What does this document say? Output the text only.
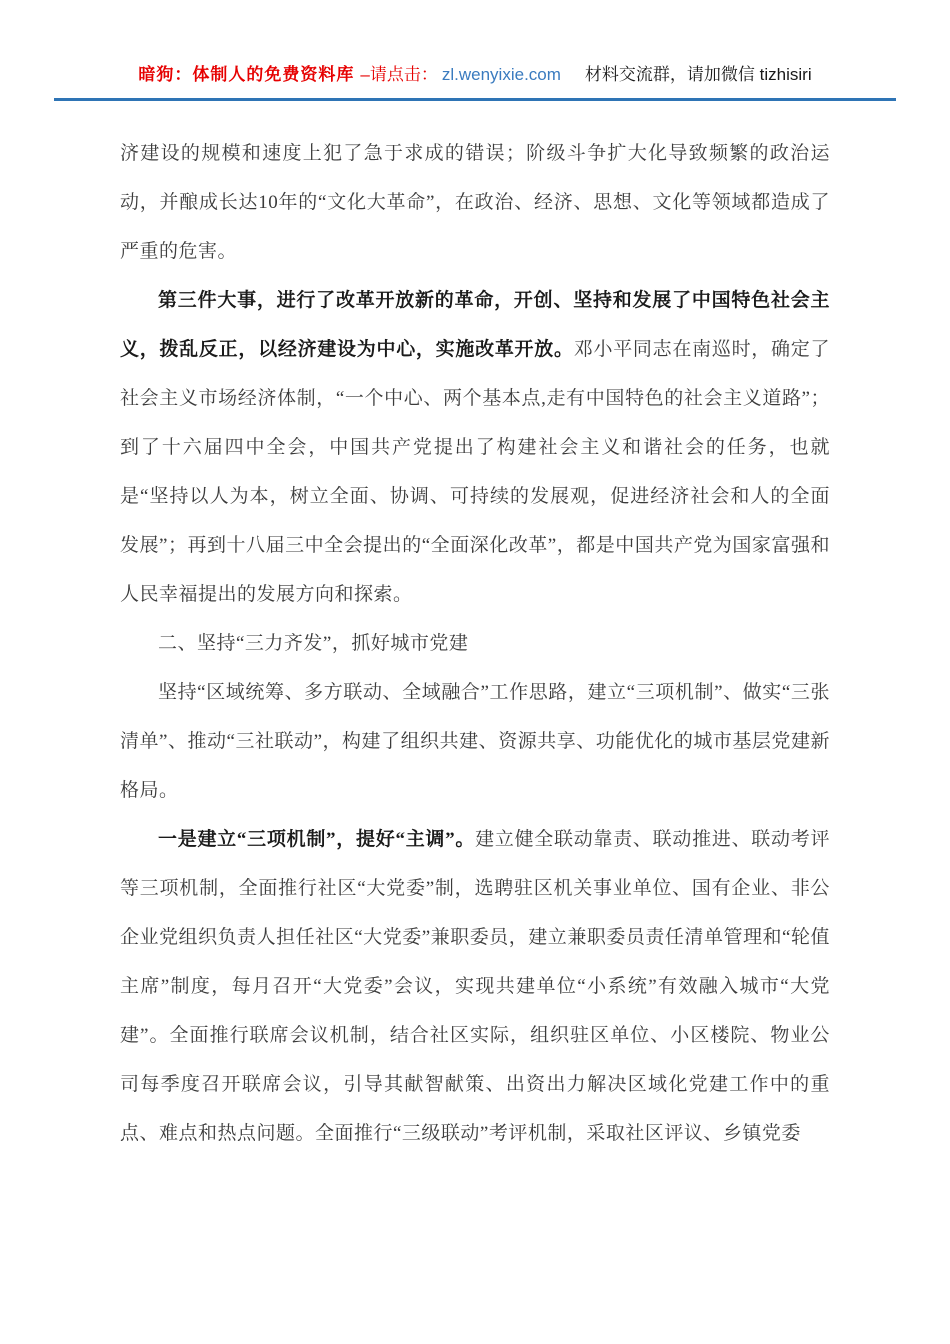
暗狗：体制人的免费资料库 –请点击： zl.wenyixie.com 材料交流群，请加微信 tizhisiri

济建设的规模和速度上犯了急于求成的错误；阶级斗争扩大化导致频繁的政治运动，并酿成长达10年的“文化大革命”，在政治、经济、思想、文化等领域都造成了严重的危害。

第三件大事，进行了改革开放新的革命，开创、坚持和发展了中国特色社会主义，拨乱反正，以经济建设为中心，实施改革开放。邓小平同志在南巡时，确定了社会主义市场经济体制，“一个中心、两个基本点,走有中国特色的社会主义道路”；到了十六届四中全会，中国共产党提出了构建社会主义和谐社会的任务，也就是“坚持以人为本，树立全面、协调、可持续的发展观，促进经济社会和人的全面发展”；再到十八届三中全会提出的“全面深化改革”，都是中国共产党为国家富强和人民幸福提出的发展方向和探索。

二、坚持“三力齐发”，抓好城市党建

坚持“区域统筹、多方联动、全域融合”工作思路，建立“三项机制”、做实“三张清单”、推动“三社联动”，构建了组织共建、资源共享、功能优化的城市基层党建新格局。

一是建立“三项机制”，提好“主调”。建立健全联动靠责、联动推进、联动考评等三项机制，全面推行社区“大党委”制，选聘驻区机关事业单位、国有企业、非公企业党组织负责人担任社区“大党委”兼职委员，建立兼职委员责任清单管理和“轮值主席”制度，每月召开“大党委”会议，实现共建单位“小系统”有效融入城市“大党建”。全面推行联席会议机制，结合社区实际，组织驻区单位、小区楼院、物业公司每季度召开联席会议，引导其献智献策、出资出力解决区域化党建工作中的重点、难点和热点问题。全面推行“三级联动”考评机制，采取社区评议、乡镇党委
